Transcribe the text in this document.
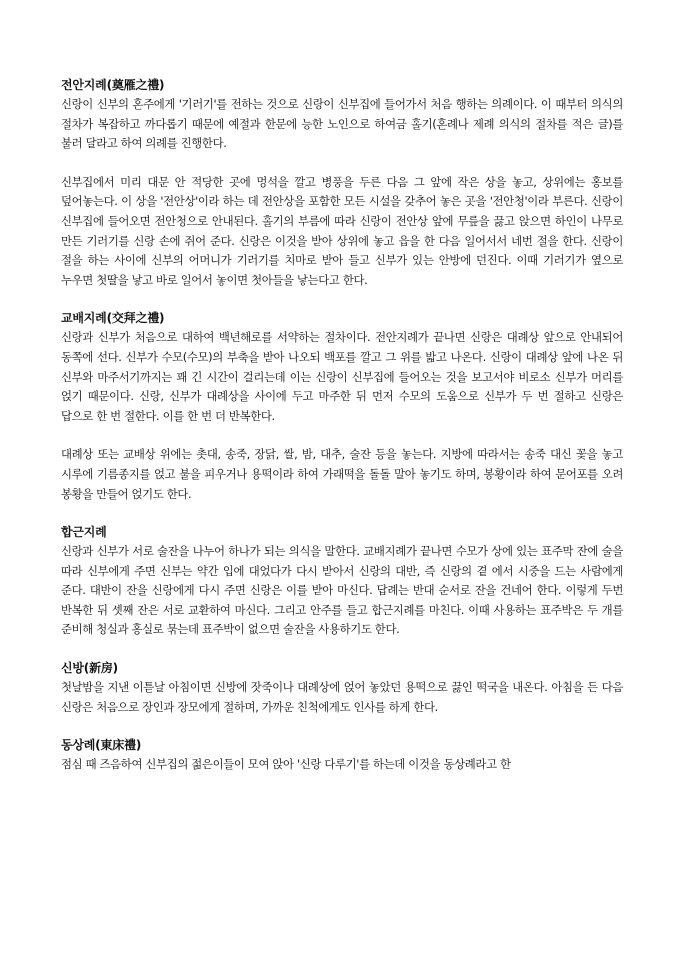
전안지례(奠雁之禮)

신랑이 신부의 혼주에게 '기러기'를 전하는 것으로 신랑이 신부집에 들어가서 처음 행하는 의례이다. 이 때부터 의식의 절차가 복잡하고 까다롭기 때문에 예절과 한문에 능한 노인으로 하여금 홀기(혼례나 제례 의식의 절차를 적은 글)를 불러 달라고 하여 의례를 진행한다.

신부집에서 미리 대문 안 적당한 곳에 멍석을 깔고 병풍을 두른 다음 그 앞에 작은 상을 놓고, 상위에는 홍보를 덮어놓는다. 이 상을 '전안상'이라 하는 데 전안상을 포함한 모든 시설을 갖추어 놓은 곳을 '전안청'이라 부른다. 신랑이 신부집에 들어오면 전안청으로 안내된다. 홀기의 부름에 따라 신랑이 전안상 앞에 무릎을 끓고 앉으면 하인이 나무로 만든 기러기를 신랑 손에 쥐어 준다. 신랑은 이것을 받아 상위에 놓고 읍을 한 다음 일어서서 네번 절을 한다. 신랑이 절을 하는 사이에 신부의 어머니가 기러기를 치마로 받아 들고 신부가 있는 안방에 던진다. 이때 기러기가 옆으로 누우면 첫딸을 낳고 바로 일어서 놓이면 첫아들을 낳는다고 한다.

교배지례(交拜之禮)

신랑과 신부가 처음으로 대하여 백년해로를 서약하는 절차이다. 전안지례가 끝나면 신랑은 대례상 앞으로 안내되어 동쪽에 선다. 신부가 수모(수모)의 부축을 받아 나오되 백포를 깔고 그 위를 밟고 나온다. 신랑이 대례상 앞에 나온 뒤 신부와 마주서기까지는 꽤 긴 시간이 걸리는데 이는 신랑이 신부집에 들어오는 것을 보고서야 비로소 신부가 머리를 얹기 때문이다. 신랑, 신부가 대례상을 사이에 두고 마주한 뒤 먼저 수모의 도움으로 신부가 두 번 절하고 신랑은 답으로 한 번 절한다. 이를 한 번 더 반복한다.

대례상 또는 교배상 위에는 촛대, 송죽, 장닭, 쌀, 밤, 대추, 술잔 등을 놓는다. 지방에 따라서는 송죽 대신 꽃을 놓고 시루에 기름종지를 얹고 불을 피우거나 용떡이라 하여 가래떡을 돌돌 말아 놓기도 하며, 봉황이라 하여 문어포를 오려 봉황을 만들어 얹기도 한다.

합근지례

신랑과 신부가 서로 술잔을 나누어 하나가 되는 의식을 말한다. 교배지례가 끝나면 수모가 상에 있는 표주막 잔에 술을 따라 신부에게 주면 신부는 약간 입에 대었다가 다시 받아서 신랑의 대반, 즉 신랑의 곁 에서 시중을 드는 사람에게 준다. 대반이 잔을 신랑에게 다시 주면 신랑은 이를 받아 마신다. 답례는 반대 순서로 잔을 건네어 한다. 이렇게 두번 반복한 뒤 셋째 잔은 서로 교환하여 마신다. 그리고 안주를 들고 합근지례를 마친다. 이때 사용하는 표주박은 두 개를 준비해 청실과 홍실로 묶는데 표주박이 없으면 술잔을 사용하기도 한다.

신방(新房)

첫날밤을 지낸 이튿날 아침이면 신방에 잣죽이나 대례상에 얹어 놓았던 용떡으로 끓인 떡국을 내온다. 아침을 든 다음 신랑은 처음으로 장인과 장모에게 절하며, 가까운 친척에게도 인사를 하게 한다.

동상례(東床禮)

점심 때 즈음하여 신부집의 젊은이들이 모여 앉아 '신랑 다루기'를 하는데 이것을 동상례라고 한
